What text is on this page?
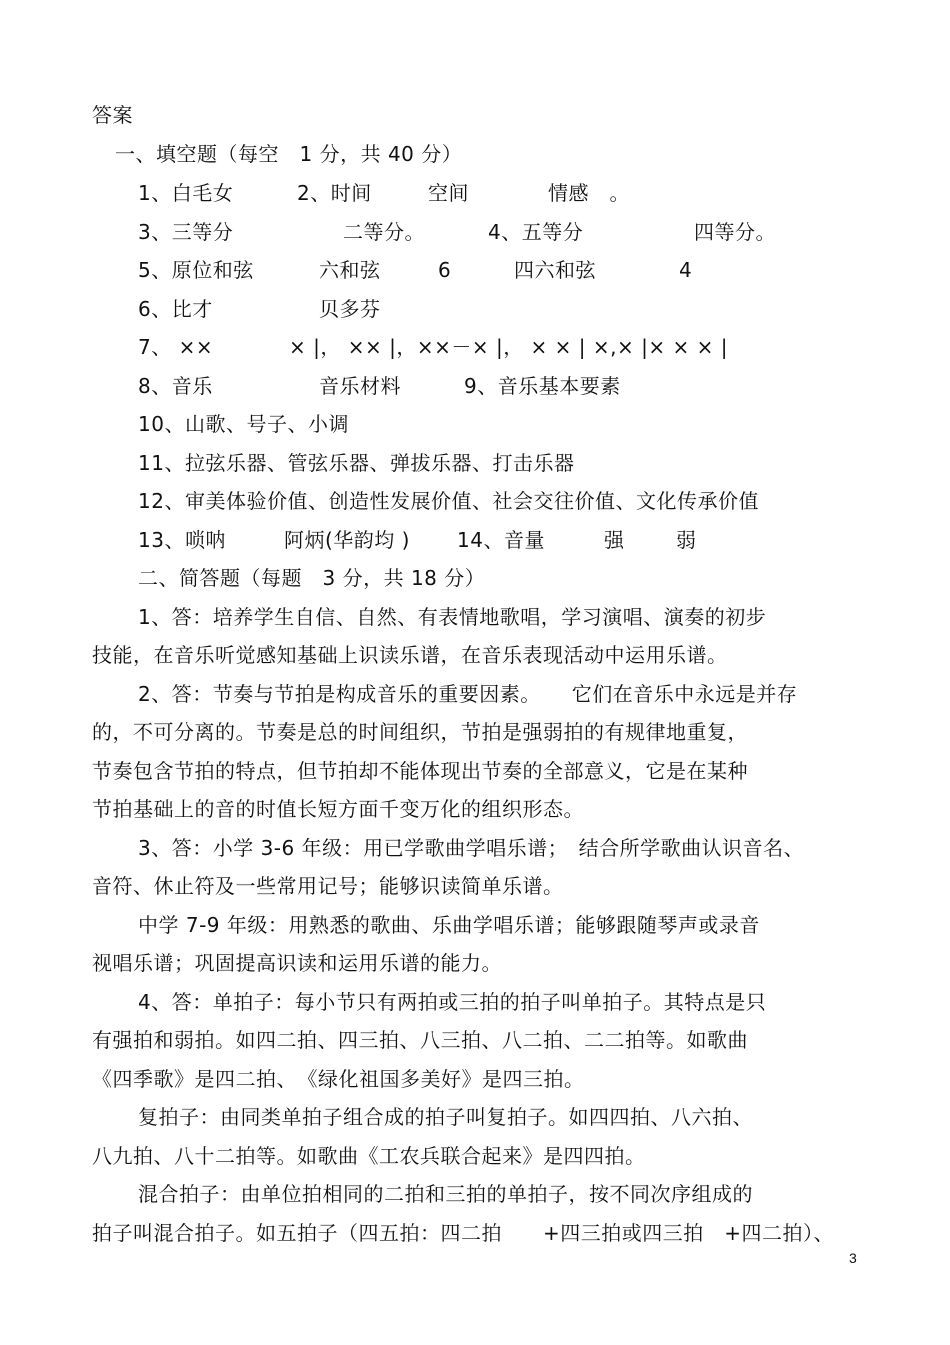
答案
一、填空题（每空　1 分，共 40 分）
1、白毛女	2、时间	空间	情感　。
3、三等分	二等分。	4、五等分	四等分。
5、原位和弦	六和弦	6	四六和弦	4
6、比才	贝多芬
7、 ××	× |， ×× |，××－× |， × × | ×,× |× × × |
8、音乐	音乐材料	9、音乐基本要素
10、山歌、号子、小调
11、拉弦乐器、管弦乐器、弹拔乐器、打击乐器
12、审美体验价值、创造性发展价值、社会交往价值、文化传承价值
13、唢呐	阿炳(华韵均 ) 14、音量	强	弱
二、简答题（每题　3 分，共 18 分）
1、答：培养学生自信、自然、有表情地歌唱，学习演唱、演奏的初步
技能，在音乐听觉感知基础上识读乐谱，在音乐表现活动中运用乐谱。
2、答：节奏与节拍是构成音乐的重要因素。　　它们在音乐中永远是并存
的，不可分离的。节奏是总的时间组织，节拍是强弱拍的有规律地重复，
节奏包含节拍的特点，但节拍却不能体现出节奏的全部意义，它是在某种
节拍基础上的音的时值长短方面千变万化的组织形态。
3、答：小学 3-6 年级：用已学歌曲学唱乐谱；　结合所学歌曲认识音名、
音符、休止符及一些常用记号；能够识读简单乐谱。
中学 7-9 年级：用熟悉的歌曲、乐曲学唱乐谱；能够跟随琴声或录音
视唱乐谱；巩固提高识读和运用乐谱的能力。
4、答：单拍子：每小节只有两拍或三拍的拍子叫单拍子。其特点是只
有强拍和弱拍。如四二拍、四三拍、八三拍、八二拍、二二拍等。如歌曲
《四季歌》是四二拍、　《绿化祖国多美好》是四三拍。
复拍子：由同类单拍子组合成的拍子叫复拍子。如四四拍、八六拍、
八九拍、八十二拍等。如歌曲《工农兵联合起来》是四四拍。
混合拍子：由单位拍相同的二拍和三拍的单拍子，按不同次序组成的
拍子叫混合拍子。如五拍子（四五拍：四二拍　　+四三拍或四三拍　+四二拍）、
3
